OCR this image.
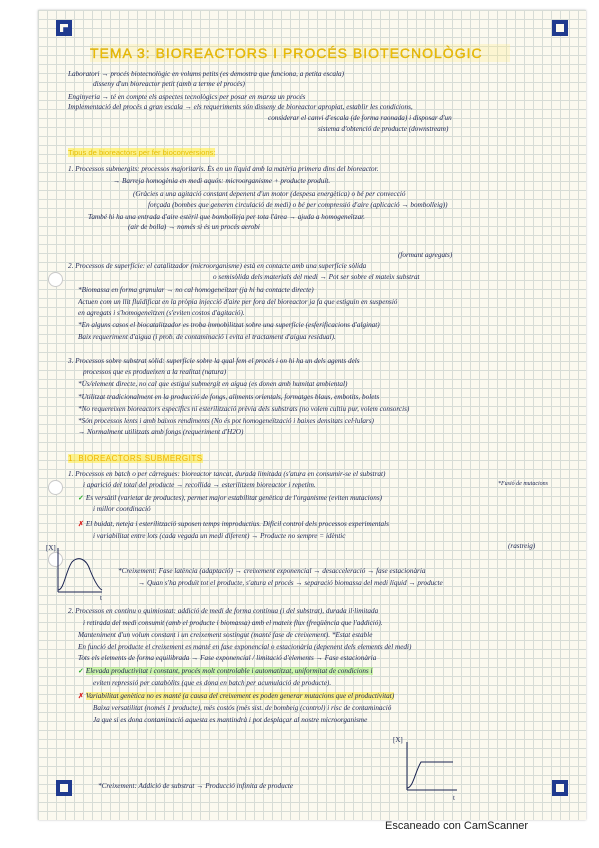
TEMA 3: BIOREACTORS I PROCÉS BIOTECNOLÒGIC
Laboratori → procés biotecnològic en volums petits (es demostra que funciona, a petita escala)
disseny d'un bioreactor petit (amb a terme el procés)
Enginyeria → té en compte els aspectes tecnològics per posar en marxa un procés
Implementació del procés a gran escala → els requeriments són disseny de bioreactor apropiat, establir les condicions,
considerar el canvi d'escala (de forma raonada) i disposar d'un
sistema d'obtenció de producte (downstream)
Tipus de bioreactors per fer bioconversions:
1. Processos submergits: processos majoritaris. És en un líquid amb la matèria primera dins del bioreactor.
→ Barreja homogènia en medi aquós: microorganisme + producte produït.
(Gràcies a una agitació constant depenent d'un motor (despesa energètica) o bé per convecció
forçada (bombes que generen circulació de medi) o bé per compressió d'aire (aplicació → bombolleig))
També hi ha una entrada d'aire estèril que bombolleja per tota l'àrea → ajuda a homogeneïtzar.
(air de bolla) → només si és un procés aerobi
(formant agregats)
2. Processos de superfície: el catalitzador (microorganisme) està en contacte amb una superfície sòlida
o semisòlida dels materials del medi → Pot ser sobre el mateix substrat
*Biomassa en forma granular → no cal homogeneïtzar (ja hi ha contacte directe)
Actuen com un llit fluïdificat en la pròpia injecció d'aire per fora del bioreactor ja fa que estiguin en suspensió
en agregats i s'homogeneïtzen (s'eviten costos d'agitació).
*En alguns casos el biocatalitzador es troba immobilitzat sobre una superfície (esferificacions d'alginat)
Baix requeriment d'aigua (i prob. de contaminació i evita el tractament d'aigua residual).
3. Processos sobre substrat sòlid: superfície sobre la qual fem el procés i on hi ha un dels agents dels
processos que es produeixen a la realitat (natura)
*Ús/element directe, no cal que estigui submergit en aigua (es donen amb humitat ambiental)
*Utilitzat tradicionalment en la producció de fongs, aliments orientals, formatges blaus, embotits, bolets
*No requereixen bioreactors específics ni esterilització prèvia dels substrats (no volem cultiu pur, volem consorcis)
*Són processos lents i amb baixos rendiments (No és pot homogeneïtzació i baixes densitats cel·lulars)
→ Normalment utilitzats amb fongs (requeriment d'H2O)
1. BIOREACTORS SUBMERGITS
1. Processos en batch o per càrregues: bioreactor tancat, durada limitada (s'atura en consumir-se el substrat)
i aparició del total del producte → recollida → esterilitzem bioreactor i repetim.	*Fusió de mutacions
✓ Es versàtil (varietat de productes), permet major estabilitat genètica de l'organisme (eviten mutacions)
i millor coordinació
✗ El buidat, neteja i esterilització suposen temps improductius. Difícil control dels processos experimentals
i variabilitat entre lots (cada vegada un medi diferent) → Producte no sempre = idèntic
(rastreig)
*Creixement: Fase latència (adaptació) → creixement exponencial → desacceleració → fase estacionària
→ Quan s'ha produït tot el producte, s'atura el procés → separació biomassa del medi líquid → producte
[X]
t
2. Processos en continu o quimiostat: addició de medi de forma contínua (i del substrat), durada il·limitada
i retirada del medi consumit (amb el producte i biomassa) amb el mateix flux (freqüència que l'addició).
Manteniment d'un volum constant i un creixement sostingut (manté fase de creixement). *Estat estable
En funció del producte el creixement es manté en fase exponencial o estacionària (depenent dels elements del medi)
Tots els elements de forma equilibrada → Fase exponencial / limitació d'elements → Fase estacionària
✓ Elevada productivitat i constant, procés molt controlable i automatitzat, uniformitat de condicions i
eviten repressió per catabòlits (que es dona en batch per acumulació de producte).
✗ Variabilitat genètica no es manté (a causa del creixement es poden generar mutacions que el productivitat)
Baixa versatilitat (només 1 producte), més costós (més sist. de bombeig (control) i risc de contaminació
Ja que si es dona contaminació aquesta es mantindrà i pot desplaçar al nostre microorganisme
*Creixement: Addició de substrat → Producció infinita de producte
[X]
t
Escaneado con CamScanner
